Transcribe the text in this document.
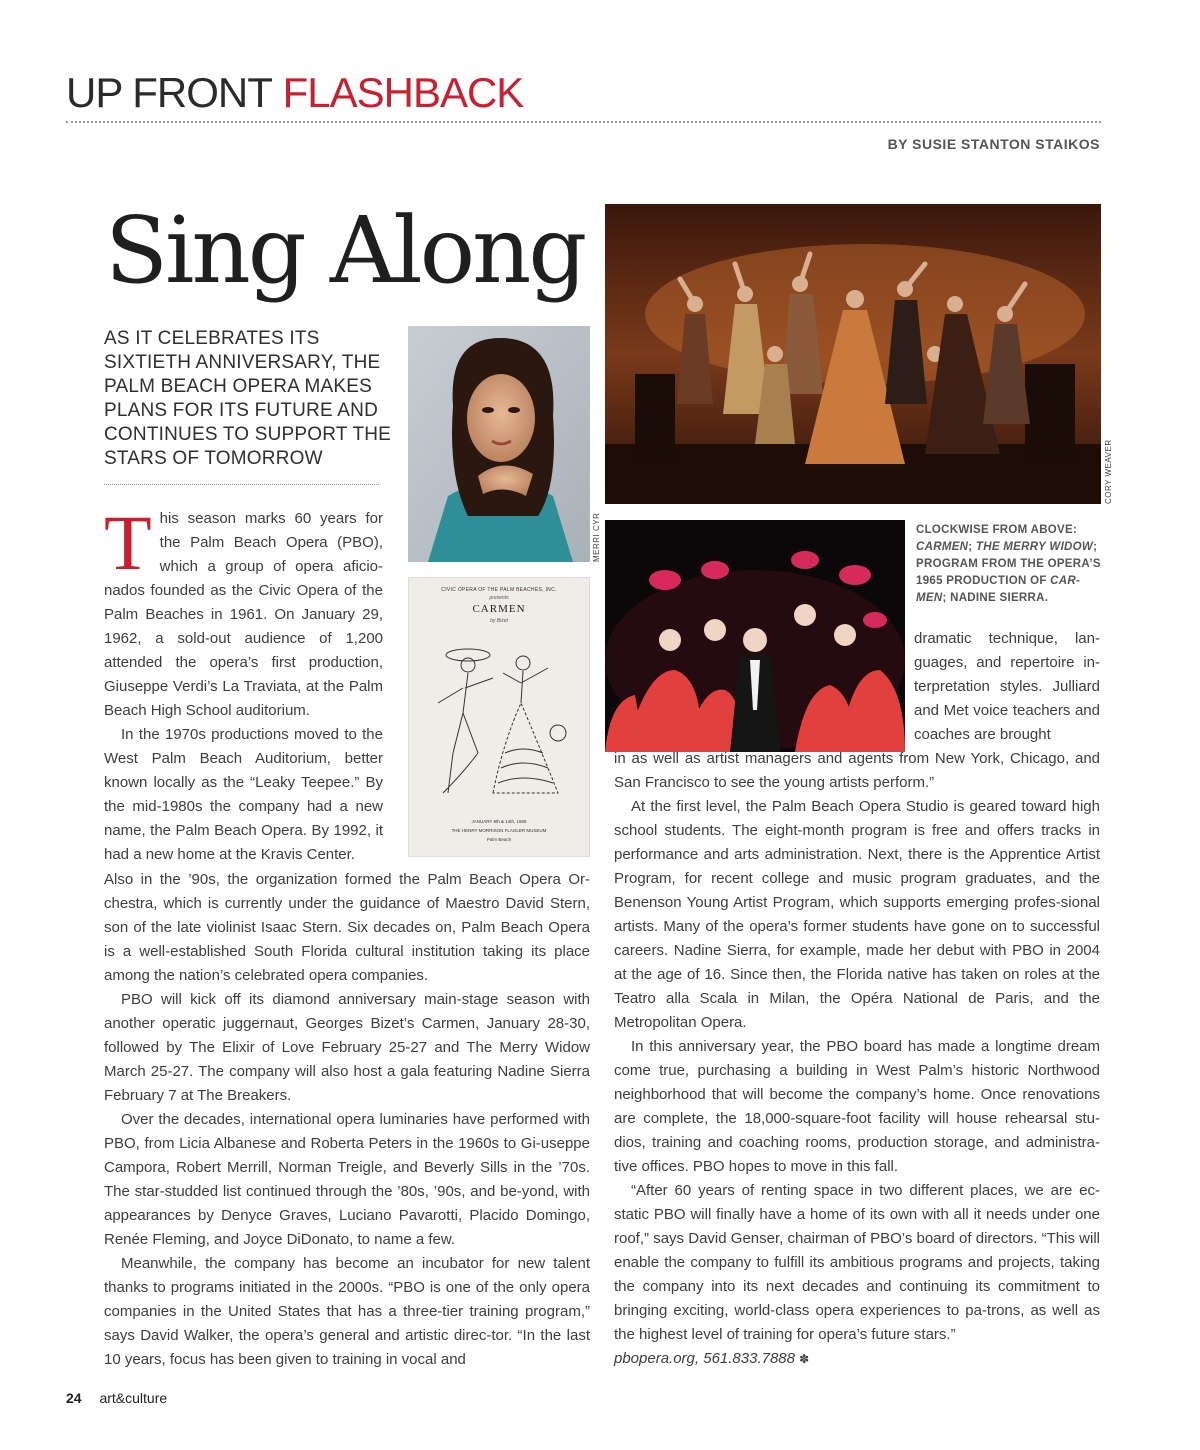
UP FRONT FLASHBACK
BY SUSIE STANTON STAIKOS
Sing Along
AS IT CELEBRATES ITS SIXTIETH ANNIVERSARY, THE PALM BEACH OPERA MAKES PLANS FOR ITS FUTURE AND CONTINUES TO SUPPORT THE STARS OF TOMORROW
MERRI CYR
CORY WEAVER
CIVIC OPERA OF THE PALM BEACHES, INC.
presents
CARMEN
by Bizet
JANUARY 9th & 14th, 1965
THE HENRY MORRISON FLAGLER MUSEUM
Palm Beach
CLOCKWISE FROM ABOVE: CARMEN; THE MERRY WIDOW; PROGRAM FROM THE OPERA’S 1965 PRODUCTION OF CAR-MEN; NADINE SIERRA.

This season marks 60 years for the Palm Beach Opera (PBO), which a group of opera aficio-nados founded as the Civic Opera of the Palm Beaches in 1961. On January 29, 1962, a sold-out audience of 1,200 attended the opera’s first production, Giuseppe Verdi’s La Traviata, at the Palm Beach High School auditorium.

In the 1970s productions moved to the West Palm Beach Auditorium, better known locally as the “Leaky Teepee.” By the mid-1980s the company had a new name, the Palm Beach Opera. By 1992, it had a new home at the Kravis Center.

Also in the ’90s, the organization formed the Palm Beach Opera Or-chestra, which is currently under the guidance of Maestro David Stern, son of the late violinist Isaac Stern. Six decades on, Palm Beach Opera is a well-established South Florida cultural institution taking its place among the nation’s celebrated opera companies.

PBO will kick off its diamond anniversary main-stage season with another operatic juggernaut, Georges Bizet’s Carmen, January 28-30, followed by The Elixir of Love February 25-27 and The Merry Widow March 25-27. The company will also host a gala featuring Nadine Sierra February 7 at The Breakers.

Over the decades, international opera luminaries have performed with PBO, from Licia Albanese and Roberta Peters in the 1960s to Gi-useppe Campora, Robert Merrill, Norman Treigle, and Beverly Sills in the ’70s. The star-studded list continued through the ’80s, ’90s, and be-yond, with appearances by Denyce Graves, Luciano Pavarotti, Placido Domingo, Renée Fleming, and Joyce DiDonato, to name a few.

Meanwhile, the company has become an incubator for new talent thanks to programs initiated in the 2000s. “PBO is one of the only opera companies in the United States that has a three-tier training program,” says David Walker, the opera’s general and artistic direc-tor. “In the last 10 years, focus has been given to training in vocal and

dramatic technique, lan-guages, and repertoire in-terpretation styles. Julliard and Met voice teachers and coaches are brought

in as well as artist managers and agents from New York, Chicago, and San Francisco to see the young artists perform.”

At the first level, the Palm Beach Opera Studio is geared toward high school students. The eight-month program is free and offers tracks in performance and arts administration. Next, there is the Apprentice Artist Program, for recent college and music program graduates, and the Benenson Young Artist Program, which supports emerging profes-sional artists. Many of the opera’s former students have gone on to successful careers. Nadine Sierra, for example, made her debut with PBO in 2004 at the age of 16. Since then, the Florida native has taken on roles at the Teatro alla Scala in Milan, the Opéra National de Paris, and the Metropolitan Opera.

In this anniversary year, the PBO board has made a longtime dream come true, purchasing a building in West Palm’s historic Northwood neighborhood that will become the company’s home. Once renovations are complete, the 18,000-square-foot facility will house rehearsal stu-dios, training and coaching rooms, production storage, and administra-tive offices. PBO hopes to move in this fall.

“After 60 years of renting space in two different places, we are ec-static PBO will finally have a home of its own with all it needs under one roof,” says David Genser, chairman of PBO’s board of directors. “This will enable the company to fulfill its ambitious programs and projects, taking the company into its next decades and continuing its commitment to bringing exciting, world-class opera experiences to pa-trons, as well as the highest level of training for opera’s future stars.”

pbopera.org, 561.833.7888 ✽

24 art&culture
